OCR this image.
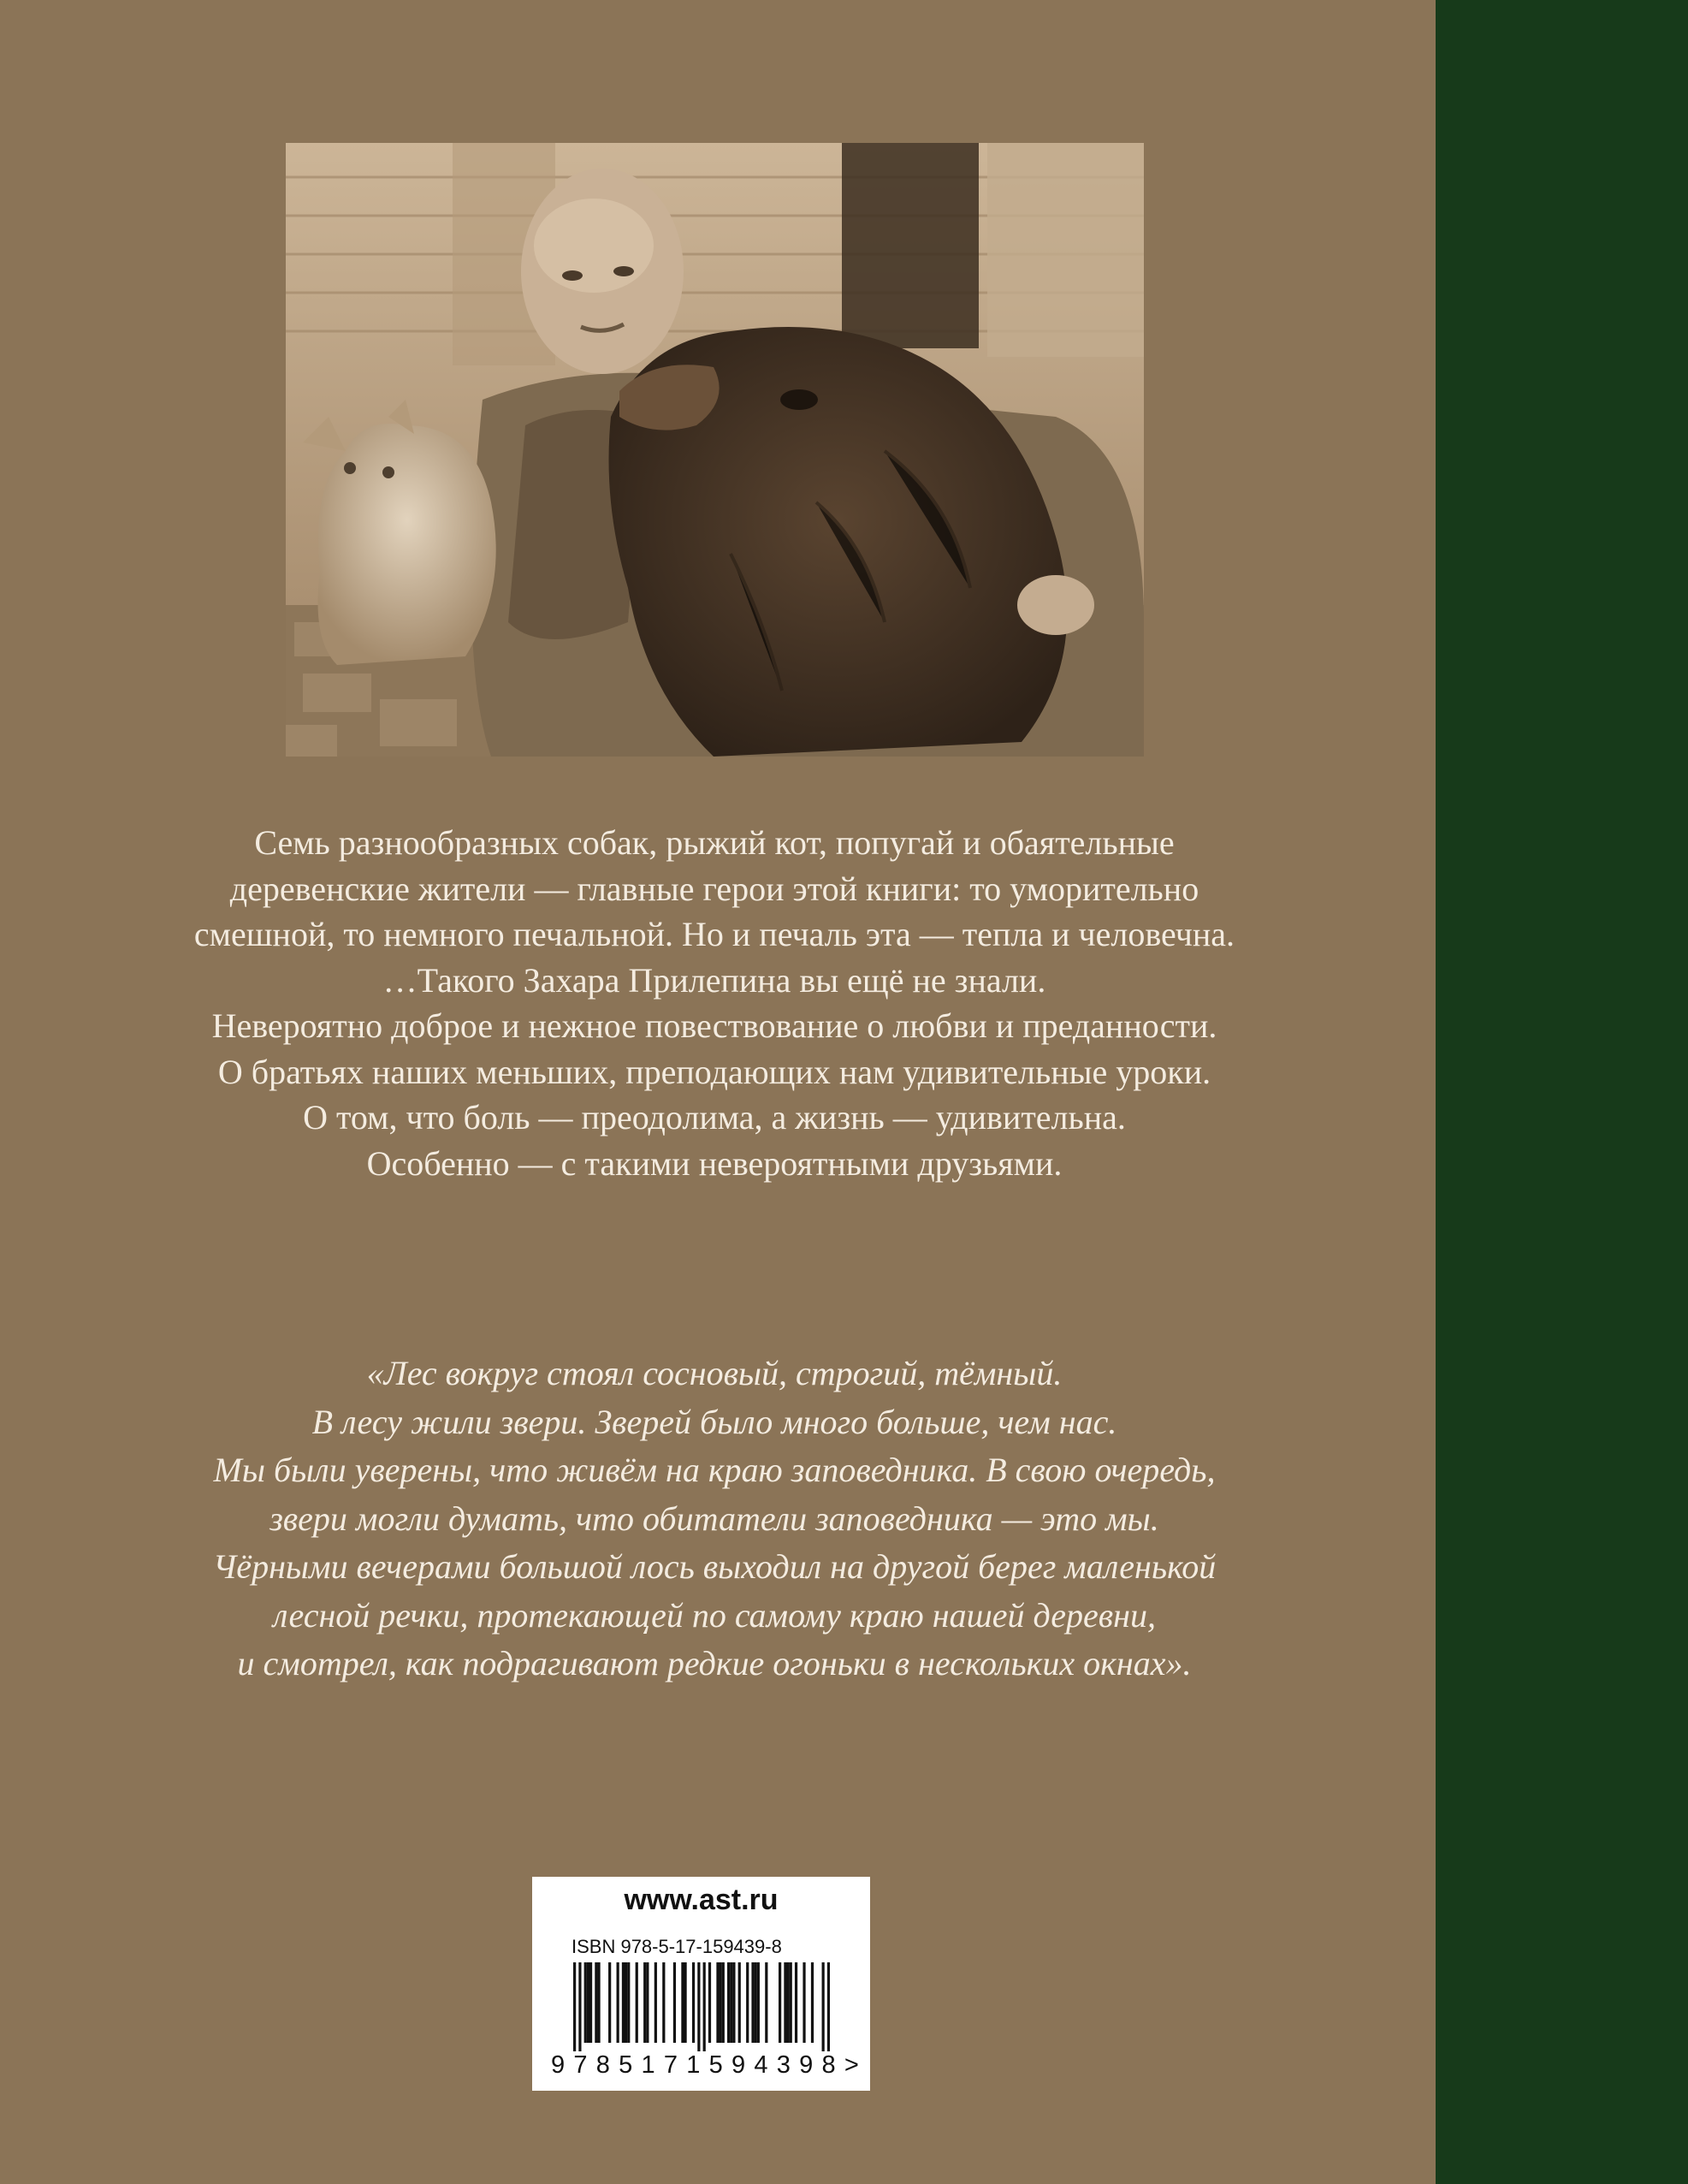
Семь разнообразных собак, рыжий кот, попугай и обаятельные

деревенские жители — главные герои этой книги: то уморительно

смешной, то немного печальной. Но и печаль эта — тепла и человечна.

…Такого Захара Прилепина вы ещё не знали.

Невероятно доброе и нежное повествование о любви и преданности.

О братьях наших меньших, преподающих нам удивительные уроки.

О том, что боль — преодолима, а жизнь — удивительна.

Особенно — с такими невероятными друзьями.

«Лес вокруг стоял сосновый, строгий, тёмный.

В лесу жили звери. Зверей было много больше, чем нас.

Мы были уверены, что живём на краю заповедника. В свою очередь,

звери могли думать, что обитатели заповедника — это мы.

Чёрными вечерами большой лось выходил на другой берег маленькой

лесной речки, протекающей по самому краю нашей деревни,

и смотрел, как подрагивают редкие огоньки в нескольких окнах».

www.ast.ru
ISBN 978-5-17-159439-8
9 7 8 5 1 7 1 5 9 4 3 9 8 >
